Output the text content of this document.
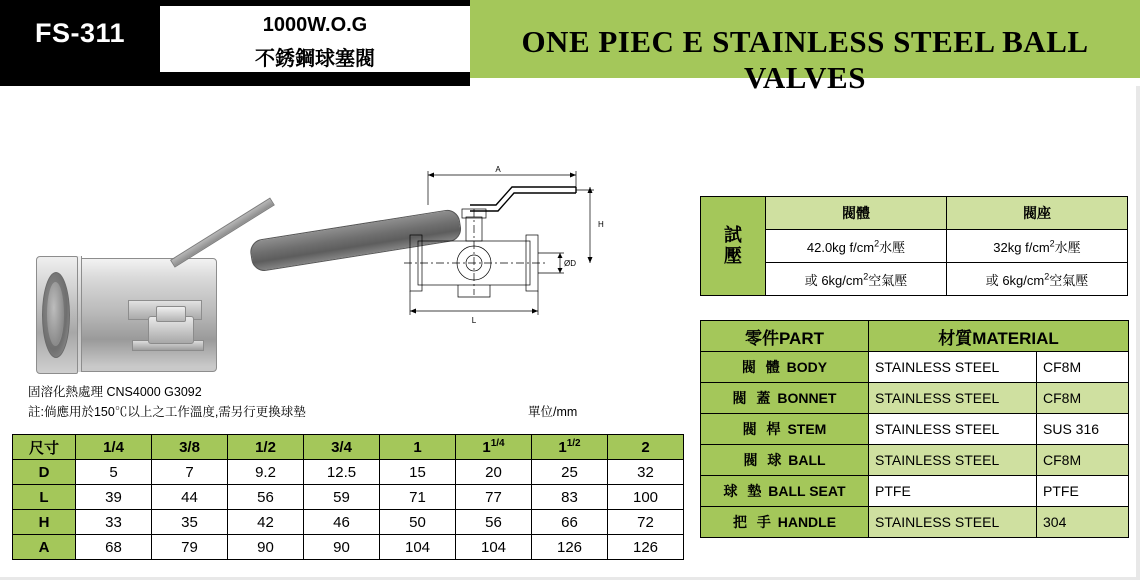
FS-311	1000W.O.G
不銹鋼球塞閥	ONE PIEC E STAINLESS STEEL BALL VALVES
固溶化熱處理 CNS4000 G3092
註:倘應用於150℃以上之工作溫度,需另行更換球墊	單位/mm
A
H
ØD
L
尺寸	1/4	3/8	1/2	3/4	1	$1^{1/4}$	$1^{1/2}$	2
D	5	7	9.2	12.5	15	20	25	32
L	39	44	56	59	71	77	83	100
H	33	35	42	46	50	56	66	72
A	68	79	90	90	104	104	126	126
試
壓	閥體	閥座
	42.0kg $f/cm^2$水壓	32kg $f/cm^2$水壓
	或 $6kg/cm^2$空氣壓	或 $6kg/cm^2$空氣壓
零件PART	材質MATERIAL	
閥 體 BODY	STAINLESS STEEL	CF8M
閥 蓋 BONNET	STAINLESS STEEL	CF8M
閥 桿 STEM	STAINLESS STEEL	SUS 316
閥 球 BALL	STAINLESS STEEL	CF8M
球 墊 BALL SEAT	PTFE	PTFE
把 手 HANDLE	STAINLESS STEEL	304
